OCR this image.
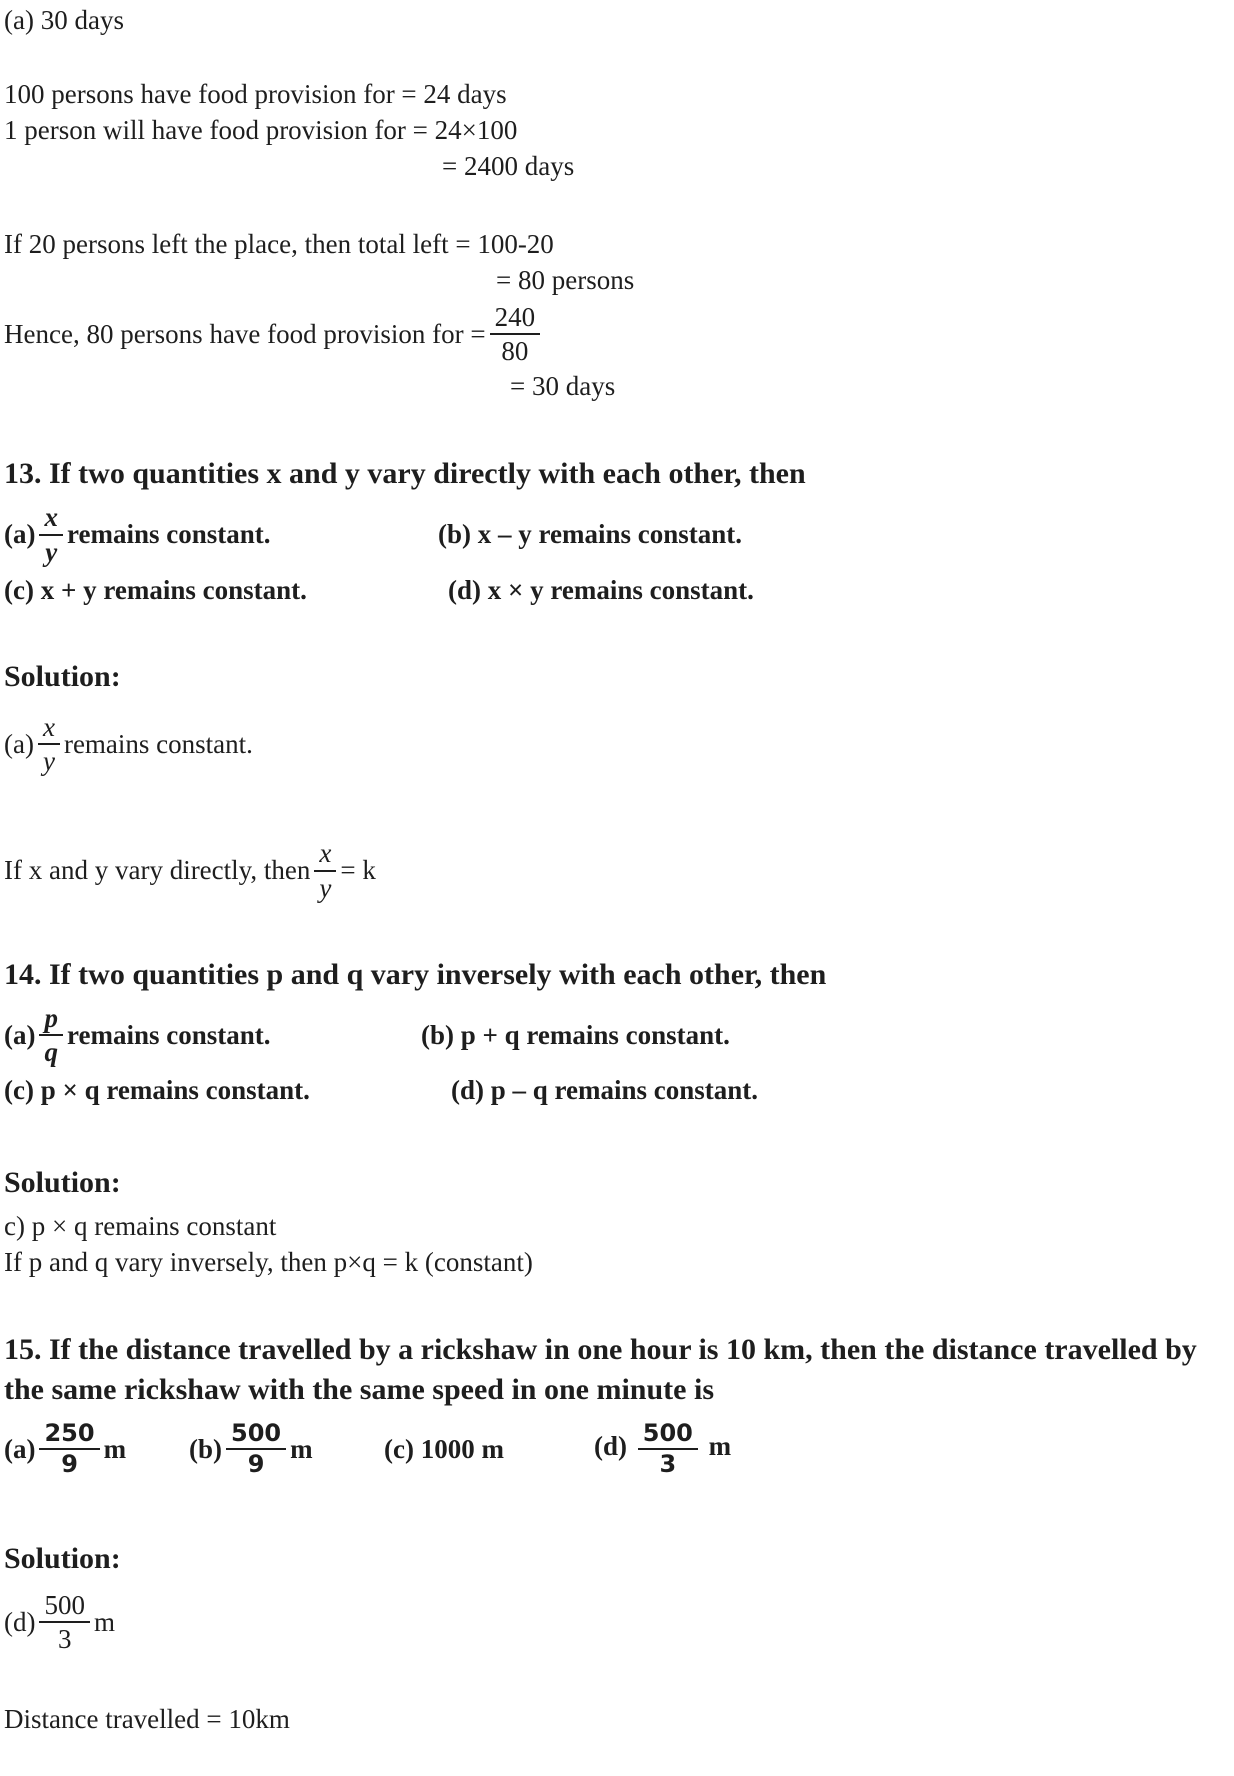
(a) 30 days

100 persons have food provision for = 24 days

1 person will have food provision for = 24×100

= 2400 days

If 20 persons left the place, then total left = 100-20

= 80 persons

Hence, 80 persons have food provision for = $\frac{240}{80}$

= 30 days

13. If two quantities x and y vary directly with each other, then

$(a) \frac{x}{y}$ remains constant.	(b) x – y remains constant.
(c) x + y remains constant.	(d) x × y remains constant.

Solution:

$(a) \frac{x}{y}$ remains constant.

If x and y vary directly, then $\frac{x}{y} = k$

14. If two quantities p and q vary inversely with each other, then

$(a) \frac{p}{q}$ remains constant.	(b) p + q remains constant.
(c) p × q remains constant.	(d) p – q remains constant.

Solution:

c) p × q remains constant

If p and q vary inversely, then p×q = k (constant)

15. If the distance travelled by a rickshaw in one hour is 10 km, then the distance travelled by the same rickshaw with the same speed in one minute is

$(a) \frac{250}{9}$ m $(b) \frac{500}{9}$ m	(c) 1000 m	$(d) \frac{500}{3}$ m

Solution:

$(d) \frac{500}{3}$ m

Distance travelled = 10km
